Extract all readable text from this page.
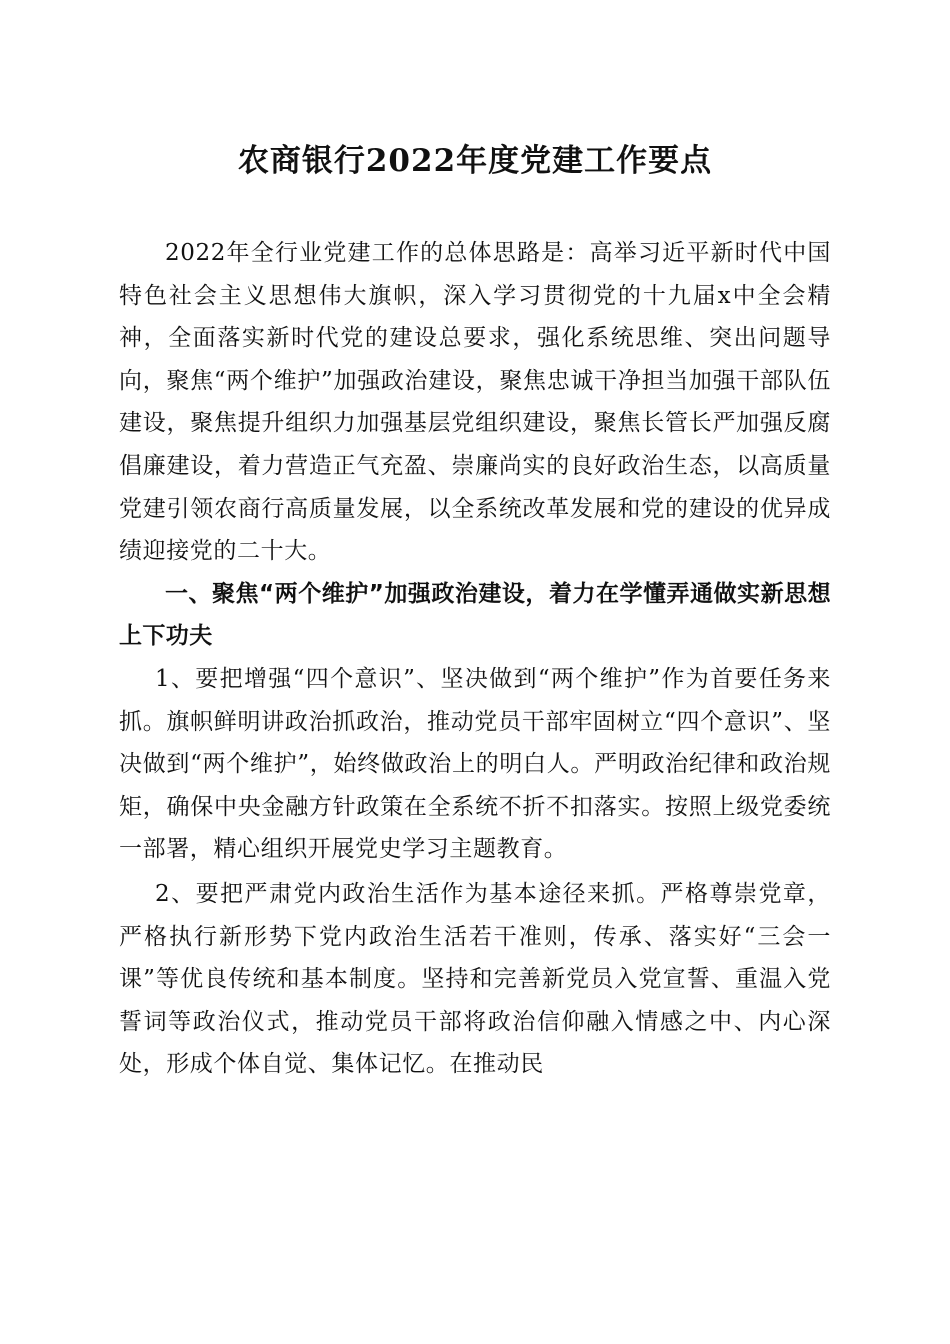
农商银行2022年度党建工作要点

2022年全行业党建工作的总体思路是：高举习近平新时代中国特色社会主义思想伟大旗帜，深入学习贯彻党的十九届x中全会精神，全面落实新时代党的建设总要求，强化系统思维、突出问题导向，聚焦“两个维护”加强政治建设，聚焦忠诚干净担当加强干部队伍建设，聚焦提升组织力加强基层党组织建设，聚焦长管长严加强反腐倡廉建设，着力营造正气充盈、崇廉尚实的良好政治生态，以高质量党建引领农商行高质量发展，以全系统改革发展和党的建设的优异成绩迎接党的二十大。

一、聚焦“两个维护”加强政治建设，着力在学懂弄通做实新思想上下功夫

1、要把增强“四个意识”、坚决做到“两个维护”作为首要任务来抓。旗帜鲜明讲政治抓政治，推动党员干部牢固树立“四个意识”、坚决做到“两个维护”，始终做政治上的明白人。严明政治纪律和政治规矩，确保中央金融方针政策在全系统不折不扣落实。按照上级党委统一部署，精心组织开展党史学习主题教育。

2、要把严肃党内政治生活作为基本途径来抓。严格尊崇党章，严格执行新形势下党内政治生活若干准则，传承、落实好“三会一课”等优良传统和基本制度。坚持和完善新党员入党宣誓、重温入党誓词等政治仪式，推动党员干部将政治信仰融入情感之中、内心深处，形成个体自觉、集体记忆。在推动民
